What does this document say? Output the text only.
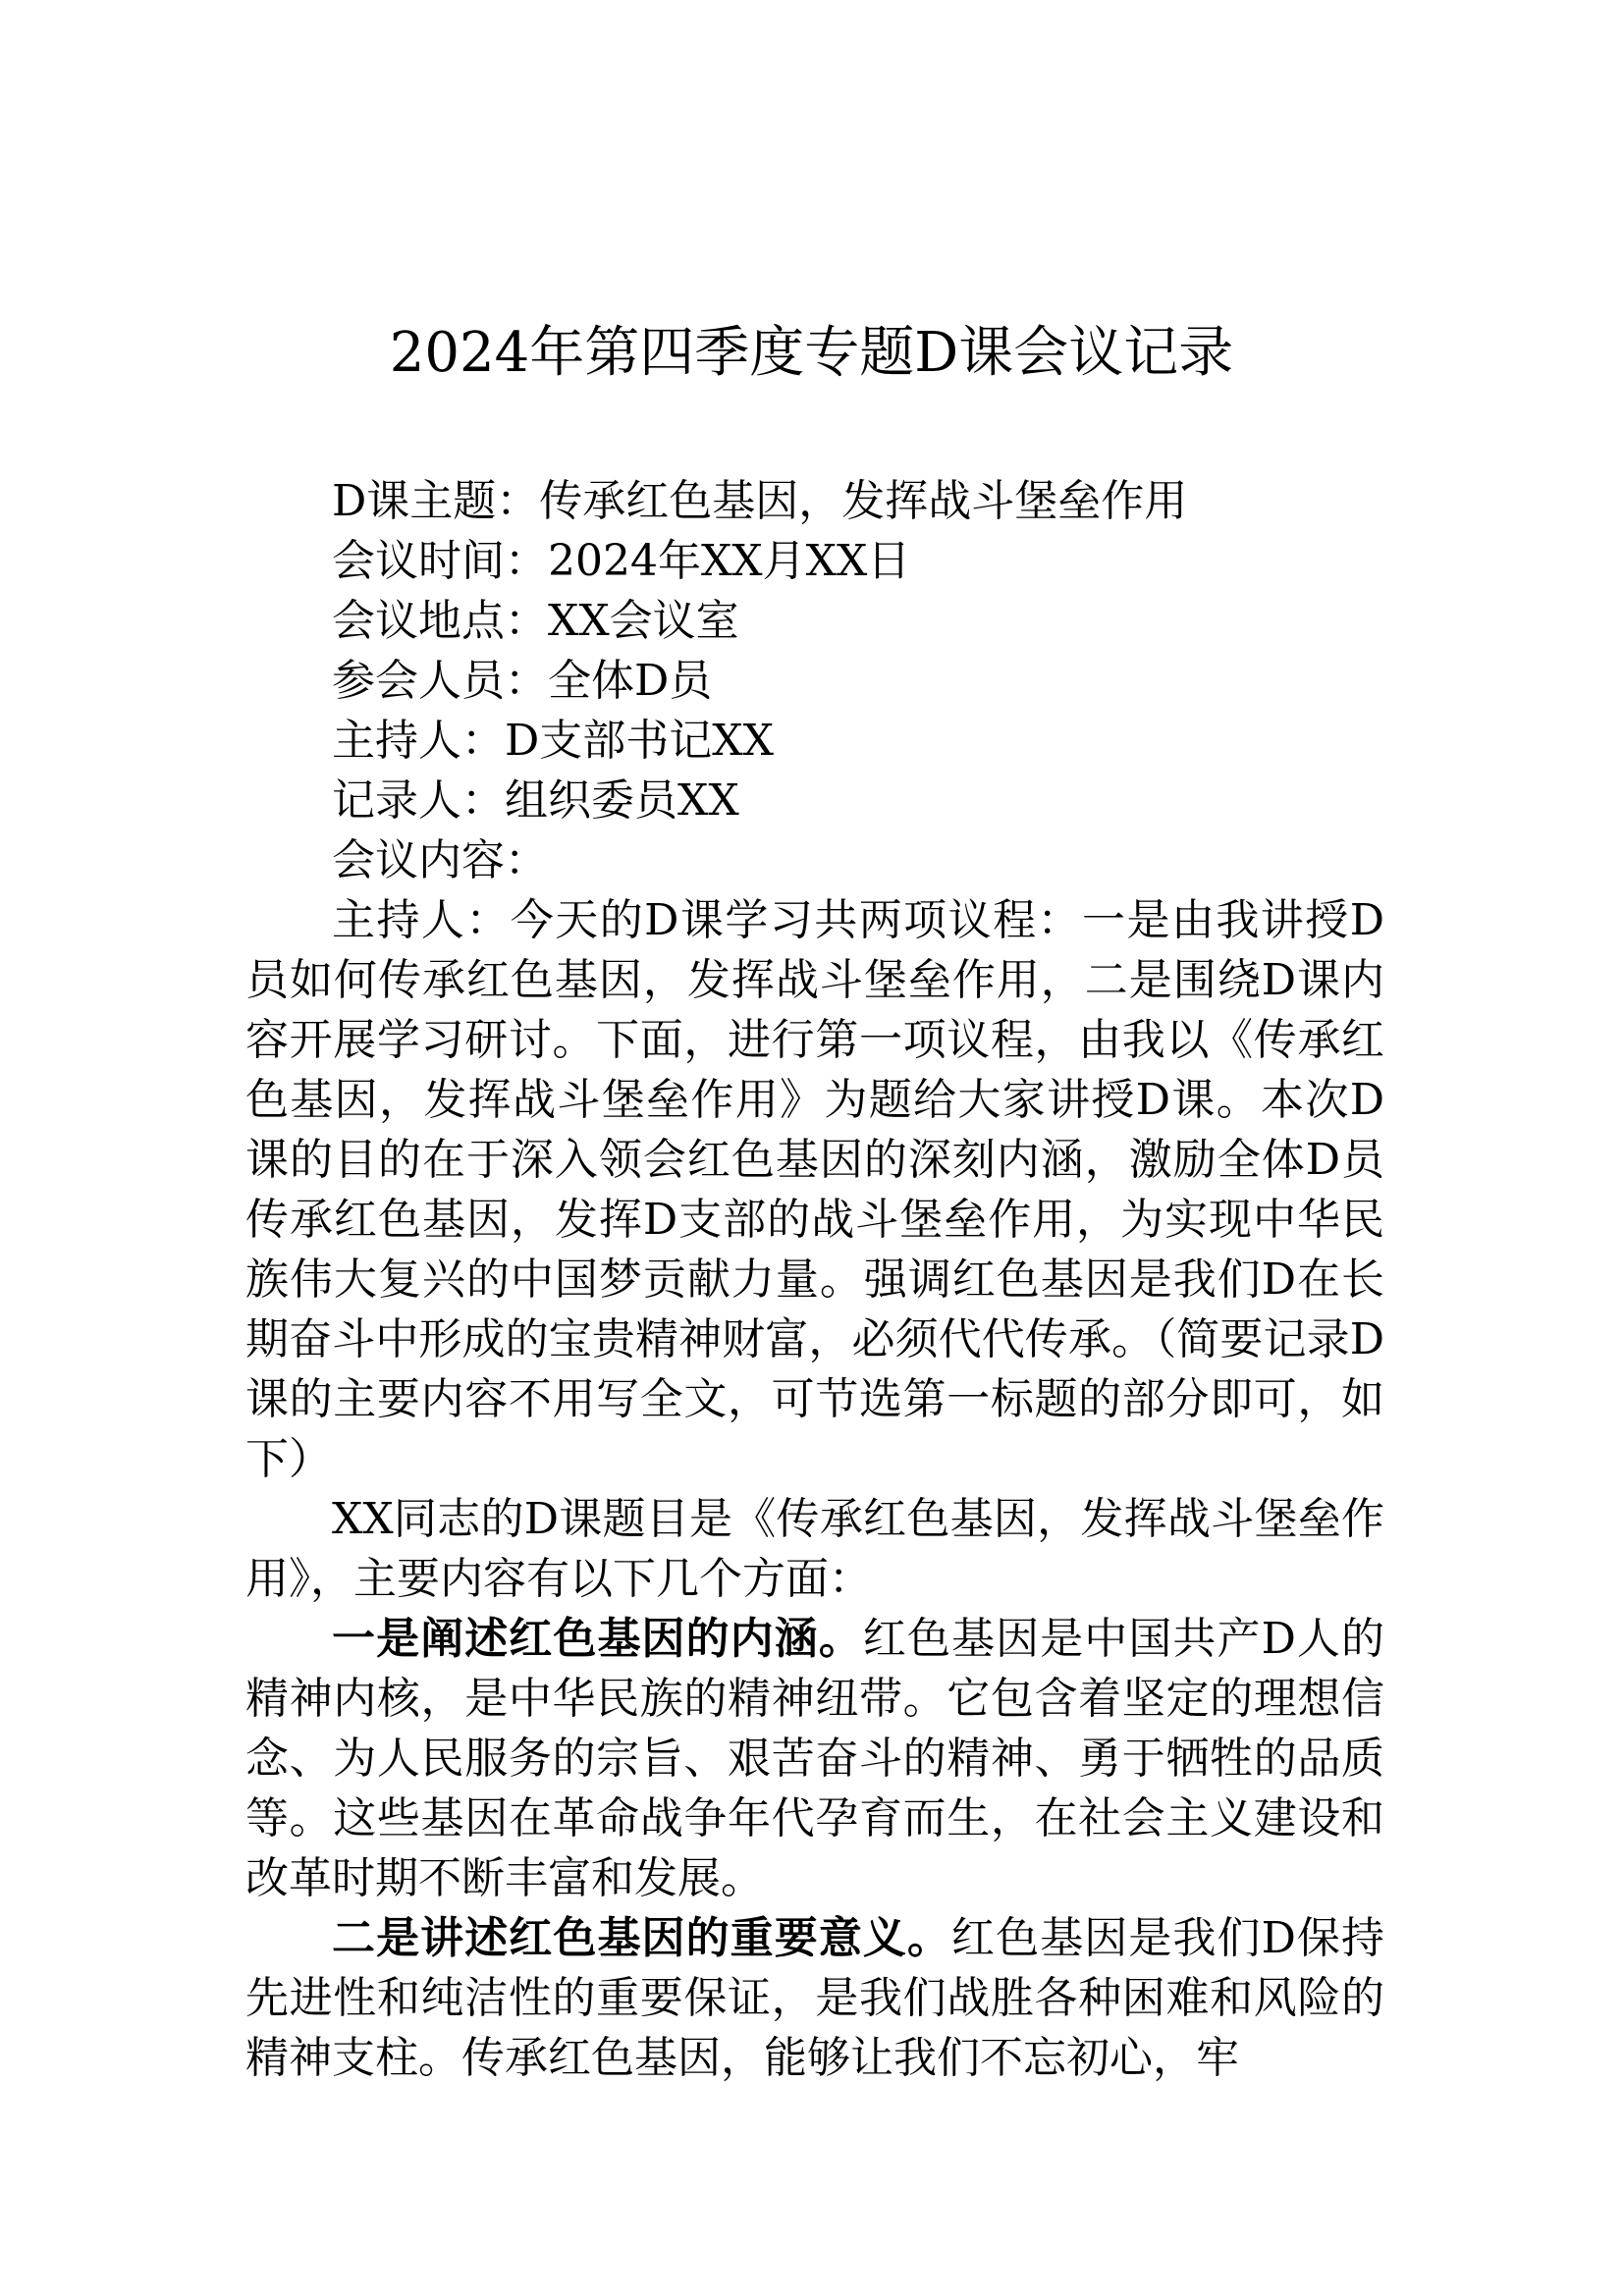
2024年第四季度专题D课会议记录

D课主题：传承红色基因，发挥战斗堡垒作用

会议时间：2024年XX月XX日

会议地点：XX会议室

参会人员：全体D员

主持人：D支部书记XX

记录人：组织委员XX

会议内容：

主持人：今天的D课学习共两项议程：一是由我讲授D员如何传承红色基因，发挥战斗堡垒作用，二是围绕D课内容开展学习研讨。下面，进行第一项议程，由我以《传承红色基因，发挥战斗堡垒作用》为题给大家讲授D课。本次D课的目的在于深入领会红色基因的深刻内涵，激励全体D员传承红色基因，发挥D支部的战斗堡垒作用，为实现中华民族伟大复兴的中国梦贡献力量。强调红色基因是我们D在长期奋斗中形成的宝贵精神财富，必须代代传承。（简要记录D课的主要内容不用写全文，可节选第一标题的部分即可，如下）

XX同志的D课题目是《传承红色基因，发挥战斗堡垒作用》，主要内容有以下几个方面：

一是阐述红色基因的内涵。红色基因是中国共产D人的精神内核，是中华民族的精神纽带。它包含着坚定的理想信念、为人民服务的宗旨、艰苦奋斗的精神、勇于牺牲的品质等。这些基因在革命战争年代孕育而生，在社会主义建设和改革时期不断丰富和发展。

二是讲述红色基因的重要意义。红色基因是我们D保持先进性和纯洁性的重要保证，是我们战胜各种困难和风险的精神支柱。传承红色基因，能够让我们不忘初心，牢
